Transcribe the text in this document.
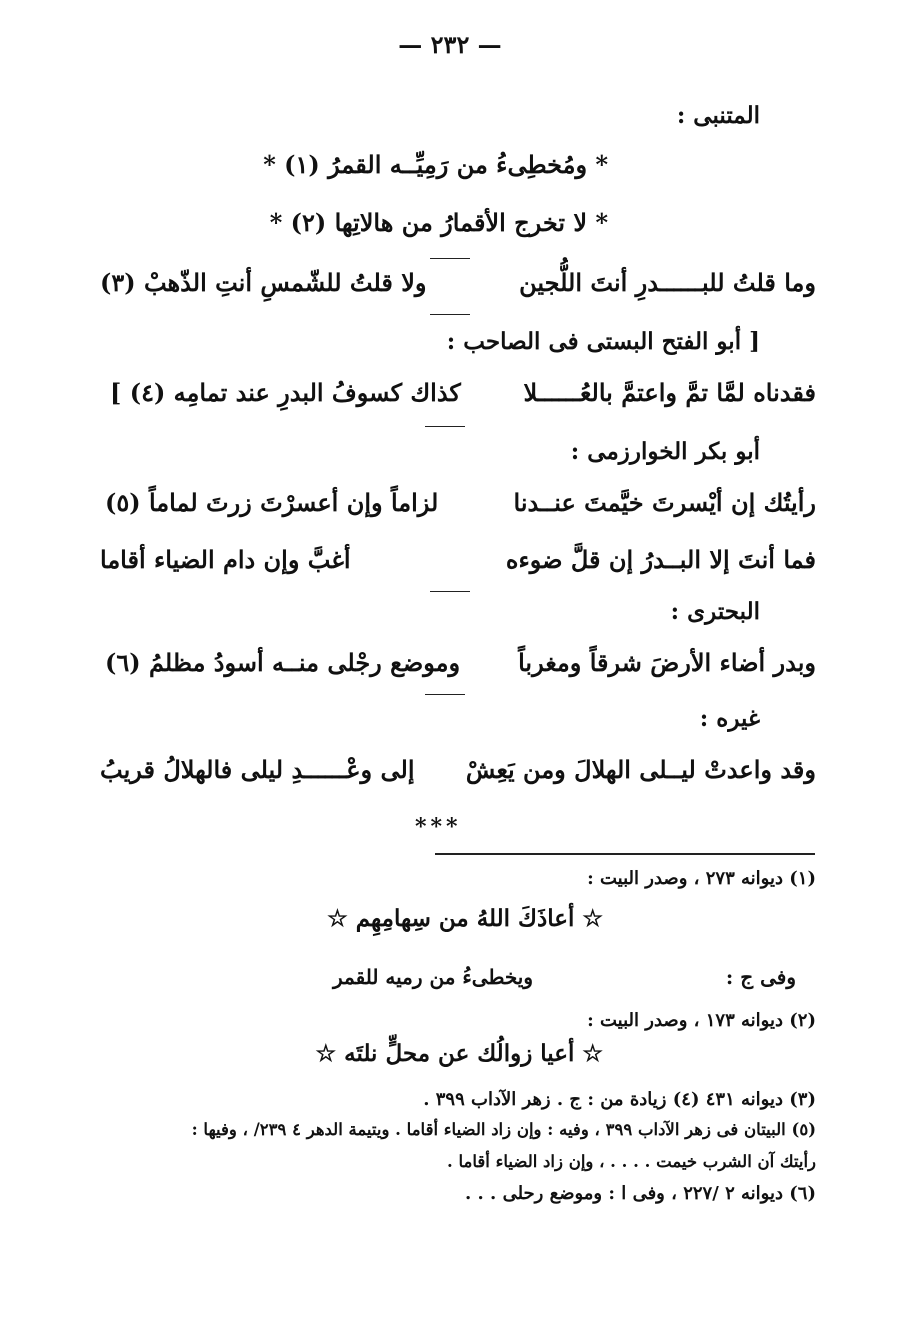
— ٢٣٢ —
المتنبى :
* ومُخطِىءُ من رَمِيِّــه القمرُ (١) *
* لا تخرج الأقمارُ من هالاتِها (٢) *
وما قلتُ للبــــــدرِ أنتَ اللُّجين
ولا قلتُ للشّمسِ أنتِ الذّهبْ (٣)
[ أبو الفتح البستى فى الصاحب :
فقدناه لمَّا تمَّ واعتمَّ بالعُــــــلا
كذاك كسوفُ البدرِ عند تمامِه (٤) ]
أبو بكر الخوارزمى :
رأيتُك إن أيْسرتَ خيَّمتَ عنــدنا
لزاماً وإن أعسرْتَ زرتَ لماماً (٥)
فما أنتَ إلا البــدرُ إن قلَّ ضوءه
أغبَّ وإن دام الضياء أقاما
البحترى :
وبدر أضاء الأرضَ شرقاً ومغرباً
وموضع رجْلى منــه أسودُ مظلمُ (٦)
غيره :
وقد واعدتْ ليــلى الهلالَ ومن يَعِشْ
إلى وعْــــــدِ ليلى فالهلالُ قريبُ
***
(١) ديوانه ٢٧٣ ، وصدر البيت :
☆ أعاذَكَ اللهُ من سِهامِهِم ☆
وفى ج :
ويخطىءُ من رميه للقمر
(٢) ديوانه ١٧٣ ، وصدر البيت :
☆ أعيا زوالُك عن محلٍّ نلتَه ☆
(٣) ديوانه ٤٣١ (٤) زيادة من : ج . زهر الآداب ٣٩٩ .
(٥) البيتان فى زهر الآداب ٣٩٩ ، وفيه : وإن زاد الضياء أقاما . ويتيمة الدهر ٤ ٢٣٩/ ، وفيها :
رأيتك آن الشرب خيمت . . . . ، وإن زاد الضياء أقاما .
(٦) ديوانه ٢ /٢٢٧ ، وفى ا : وموضع رحلى . . .
